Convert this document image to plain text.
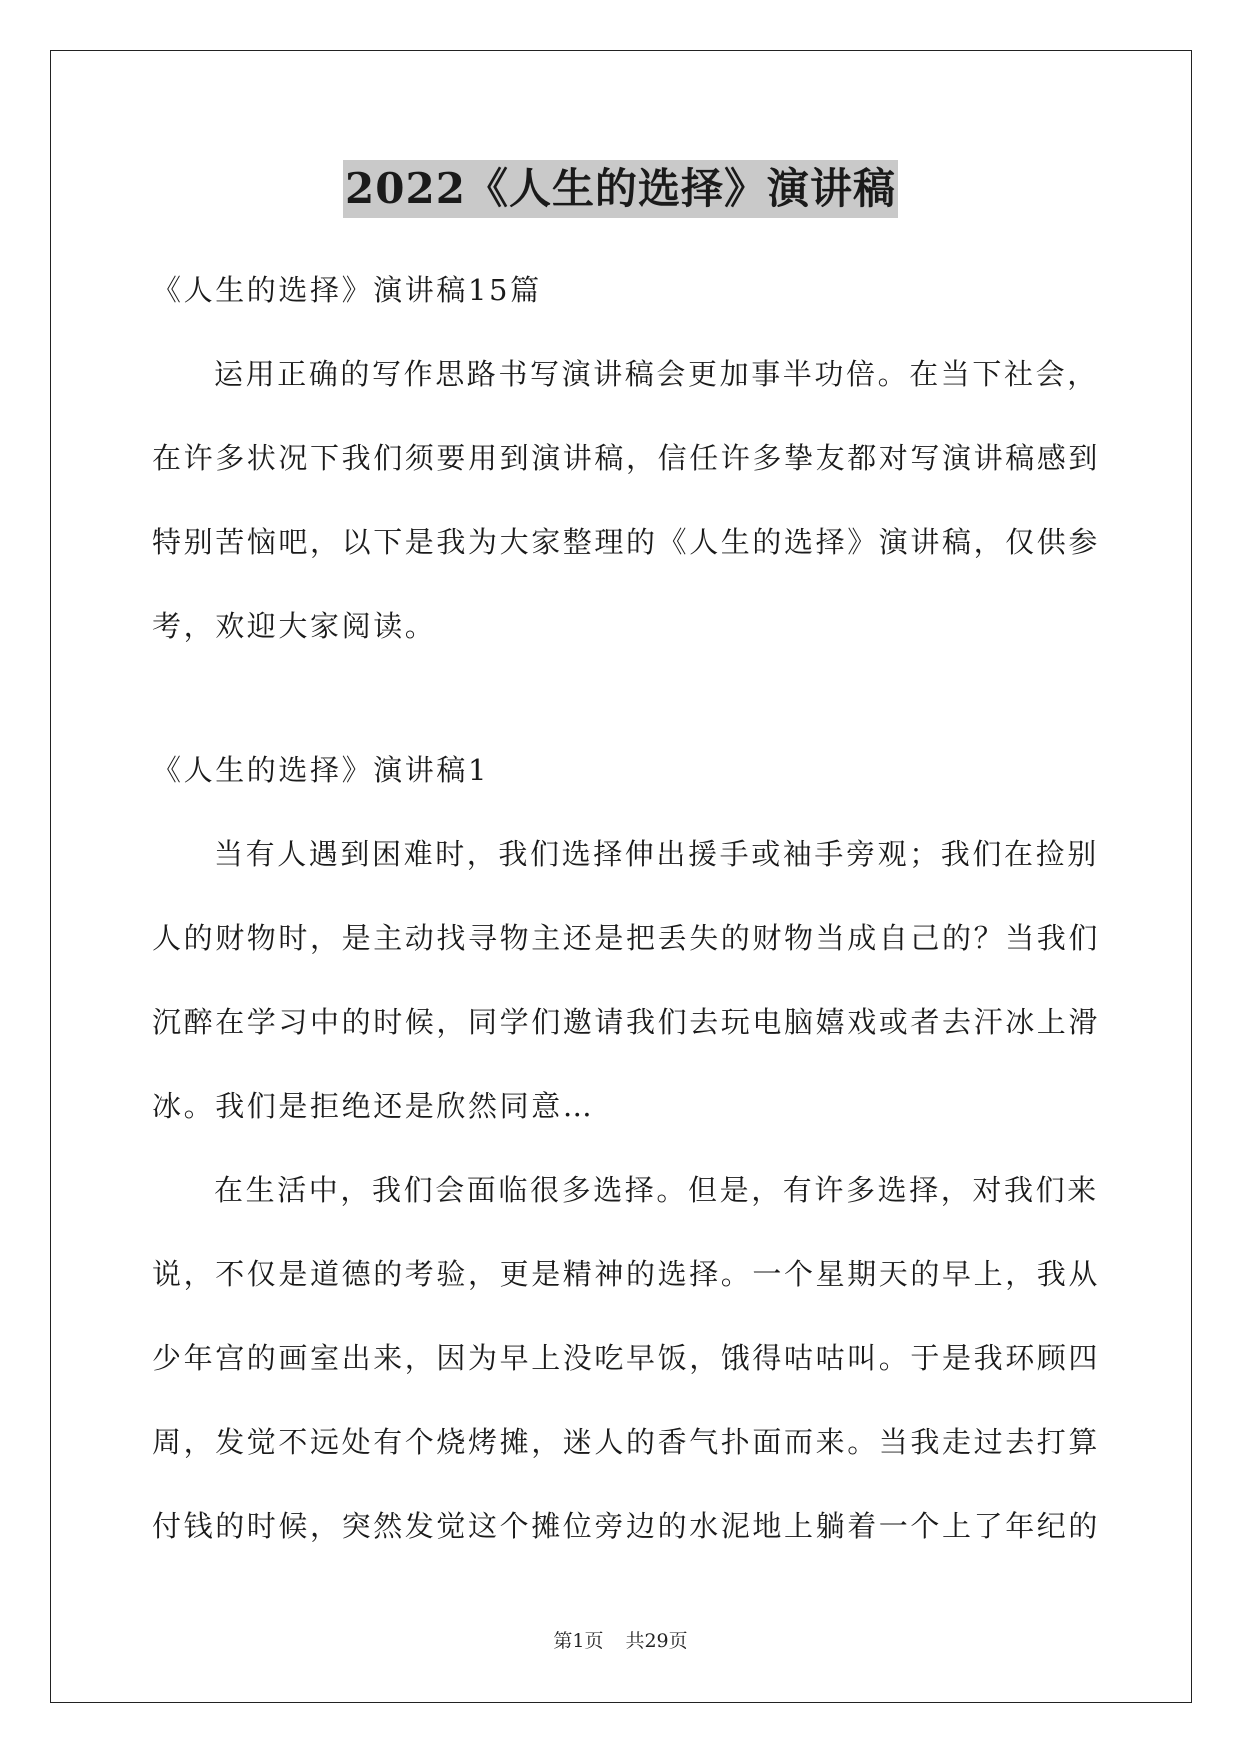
2022《人生的选择》演讲稿
《人生的选择》演讲稿15篇
运用正确的写作思路书写演讲稿会更加事半功倍。在当下社会，
在许多状况下我们须要用到演讲稿，信任许多挚友都对写演讲稿感到
特别苦恼吧，以下是我为大家整理的《人生的选择》演讲稿，仅供参
考，欢迎大家阅读。
《人生的选择》演讲稿1
当有人遇到困难时，我们选择伸出援手或袖手旁观；我们在捡别
人的财物时，是主动找寻物主还是把丢失的财物当成自己的？当我们
沉醉在学习中的时候，同学们邀请我们去玩电脑嬉戏或者去汗冰上滑
冰。我们是拒绝还是欣然同意…
在生活中，我们会面临很多选择。但是，有许多选择，对我们来
说，不仅是道德的考验，更是精神的选择。一个星期天的早上，我从
少年宫的画室出来，因为早上没吃早饭，饿得咕咕叫。于是我环顾四
周，发觉不远处有个烧烤摊，迷人的香气扑面而来。当我走过去打算
付钱的时候，突然发觉这个摊位旁边的水泥地上躺着一个上了年纪的
第1页 共29页
